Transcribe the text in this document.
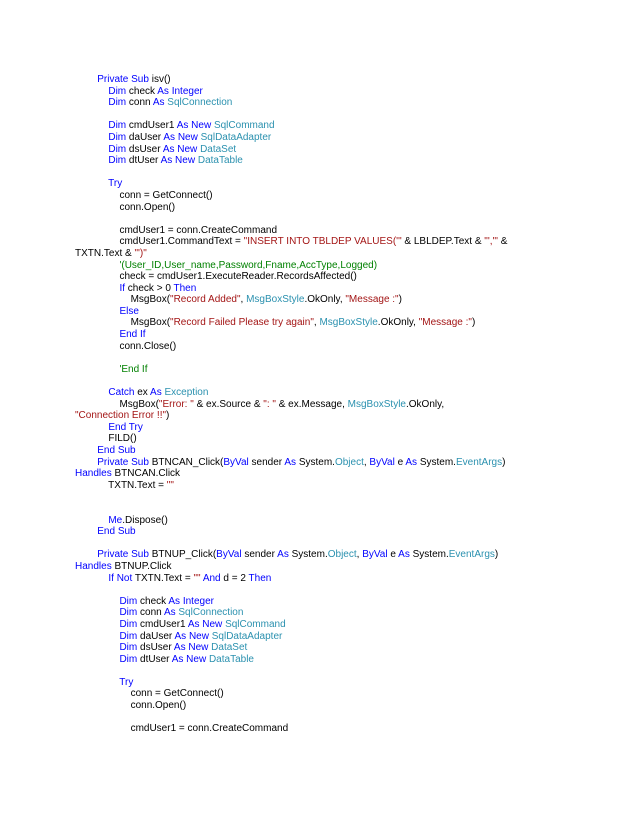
Private Sub isv()
Dim check As Integer
Dim conn As SqlConnection
Dim cmdUser1 As New SqlCommand
Dim daUser As New SqlDataAdapter
Dim dsUser As New DataSet
Dim dtUser As New DataTable
Try
conn = GetConnect()
conn.Open()
cmdUser1 = conn.CreateCommand
cmdUser1.CommandText = "INSERT INTO TBLDEP VALUES('" & LBLDEP.Text & "','" &
TXTN.Text & "')"
'(User_ID,User_name,Password,Fname,AccType,Logged)
check = cmdUser1.ExecuteReader.RecordsAffected()
If check > 0 Then
MsgBox("Record Added", MsgBoxStyle.OkOnly, "Message :")
Else
MsgBox("Record Failed Please try again", MsgBoxStyle.OkOnly, "Message :")
End If
conn.Close()
'End If
Catch ex As Exception
MsgBox("Error: " & ex.Source & ": " & ex.Message, MsgBoxStyle.OkOnly,
"Connection Error !!")
End Try
FILD()
End Sub
Private Sub BTNCAN_Click(ByVal sender As System.Object, ByVal e As System.EventArgs)
Handles BTNCAN.Click
TXTN.Text = ""
Me.Dispose()
End Sub
Private Sub BTNUP_Click(ByVal sender As System.Object, ByVal e As System.EventArgs)
Handles BTNUP.Click
If Not TXTN.Text = "" And d = 2 Then
Dim check As Integer
Dim conn As SqlConnection
Dim cmdUser1 As New SqlCommand
Dim daUser As New SqlDataAdapter
Dim dsUser As New DataSet
Dim dtUser As New DataTable
Try
conn = GetConnect()
conn.Open()
cmdUser1 = conn.CreateCommand
